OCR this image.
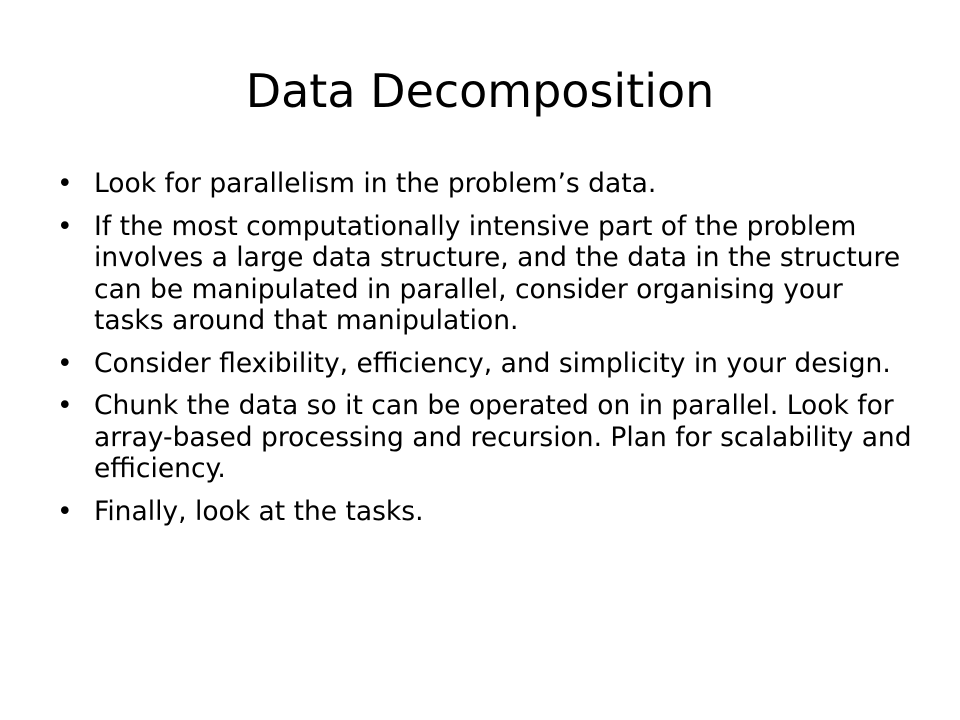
Data Decomposition
• Look for parallelism in the problem’s data.
• If the most computationally intensive part of the problem involves a large data structure, and the data in the structure can be manipulated in parallel, consider organising your tasks around that manipulation.
• Consider flexibility, efficiency, and simplicity in your design.
• Chunk the data so it can be operated on in parallel. Look for array-based processing and recursion. Plan for scalability and efficiency.
• Finally, look at the tasks.
